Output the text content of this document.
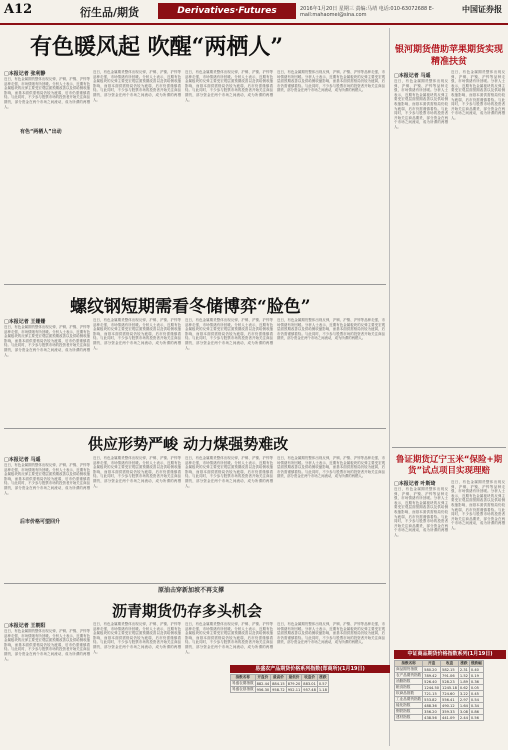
A12	衍生品/期货	Derivatives·Futures	2016年1月20日 星期三 责编:马靖 电话:010-63072688 E-mail:mahaomei@sina.com
中国证券报
有色暖风起 吹醒“两栖人”
□本报记者 张利静
近日，有色金属期货整体出现反弹，沪铜、沪镍、沪锌等品种走强，市场情绪有所回暖。分析人士表示，近期有色金属板块的反弹主要受宏观层面预期改善以及供给侧收缩影响，而基本面供需格局仍较为疲弱，后市仍需谨慎看待。与此同时，不少参与股票市场的投资者开始关注商品期货，部分资金在两个市场之间流动，成为所谓的两栖人。
有色“两栖人”出动
近日，有色金属期货整体出现反弹，沪铜、沪镍、沪锌等品种走强，市场情绪有所回暖。分析人士表示，近期有色金属板块的反弹主要受宏观层面预期改善以及供给侧收缩影响，而基本面供需格局仍较为疲弱，后市仍需谨慎看待。与此同时，不少参与股票市场的投资者开始关注商品期货，部分资金在两个市场之间流动，成为所谓的两栖人。
近日，有色金属期货整体出现反弹，沪铜、沪镍、沪锌等品种走强，市场情绪有所回暖。分析人士表示，近期有色金属板块的反弹主要受宏观层面预期改善以及供给侧收缩影响，而基本面供需格局仍较为疲弱，后市仍需谨慎看待。与此同时，不少参与股票市场的投资者开始关注商品期货，部分资金在两个市场之间流动，成为所谓的两栖人。
近日，有色金属期货整体出现反弹，沪铜、沪镍、沪锌等品种走强，市场情绪有所回暖。分析人士表示，近期有色金属板块的反弹主要受宏观层面预期改善以及供给侧收缩影响，而基本面供需格局仍较为疲弱，后市仍需谨慎看待。与此同时，不少参与股票市场的投资者开始关注商品期货，部分资金在两个市场之间流动，成为所谓的两栖人。
银河期货借助苹果期货实现精准扶贫
□本报记者 马遥
近日，有色金属期货整体出现反弹，沪铜、沪镍、沪锌等品种走强，市场情绪有所回暖。分析人士表示，近期有色金属板块的反弹主要受宏观层面预期改善以及供给侧收缩影响，而基本面供需格局仍较为疲弱，后市仍需谨慎看待。与此同时，不少参与股票市场的投资者开始关注商品期货，部分资金在两个市场之间流动，成为所谓的两栖人。
近日，有色金属期货整体出现反弹，沪铜、沪镍、沪锌等品种走强，市场情绪有所回暖。分析人士表示，近期有色金属板块的反弹主要受宏观层面预期改善以及供给侧收缩影响，而基本面供需格局仍较为疲弱，后市仍需谨慎看待。与此同时，不少参与股票市场的投资者开始关注商品期货，部分资金在两个市场之间流动，成为所谓的两栖人。
螺纹钢短期需看冬储博弈“脸色”
□本报记者 王姗姗
近日，有色金属期货整体出现反弹，沪铜、沪镍、沪锌等品种走强，市场情绪有所回暖。分析人士表示，近期有色金属板块的反弹主要受宏观层面预期改善以及供给侧收缩影响，而基本面供需格局仍较为疲弱，后市仍需谨慎看待。与此同时，不少参与股票市场的投资者开始关注商品期货，部分资金在两个市场之间流动，成为所谓的两栖人。
近日，有色金属期货整体出现反弹，沪铜、沪镍、沪锌等品种走强，市场情绪有所回暖。分析人士表示，近期有色金属板块的反弹主要受宏观层面预期改善以及供给侧收缩影响，而基本面供需格局仍较为疲弱，后市仍需谨慎看待。与此同时，不少参与股票市场的投资者开始关注商品期货，部分资金在两个市场之间流动，成为所谓的两栖人。
近日，有色金属期货整体出现反弹，沪铜、沪镍、沪锌等品种走强，市场情绪有所回暖。分析人士表示，近期有色金属板块的反弹主要受宏观层面预期改善以及供给侧收缩影响，而基本面供需格局仍较为疲弱，后市仍需谨慎看待。与此同时，不少参与股票市场的投资者开始关注商品期货，部分资金在两个市场之间流动，成为所谓的两栖人。
近日，有色金属期货整体出现反弹，沪铜、沪镍、沪锌等品种走强，市场情绪有所回暖。分析人士表示，近期有色金属板块的反弹主要受宏观层面预期改善以及供给侧收缩影响，而基本面供需格局仍较为疲弱，后市仍需谨慎看待。与此同时，不少参与股票市场的投资者开始关注商品期货，部分资金在两个市场之间流动，成为所谓的两栖人。
供应形势严峻 动力煤强势难改
□本报记者 马遥
近日，有色金属期货整体出现反弹，沪铜、沪镍、沪锌等品种走强，市场情绪有所回暖。分析人士表示，近期有色金属板块的反弹主要受宏观层面预期改善以及供给侧收缩影响，而基本面供需格局仍较为疲弱，后市仍需谨慎看待。与此同时，不少参与股票市场的投资者开始关注商品期货，部分资金在两个市场之间流动，成为所谓的两栖人。
后市价格可望回升
近日，有色金属期货整体出现反弹，沪铜、沪镍、沪锌等品种走强，市场情绪有所回暖。分析人士表示，近期有色金属板块的反弹主要受宏观层面预期改善以及供给侧收缩影响，而基本面供需格局仍较为疲弱，后市仍需谨慎看待。与此同时，不少参与股票市场的投资者开始关注商品期货，部分资金在两个市场之间流动，成为所谓的两栖人。
近日，有色金属期货整体出现反弹，沪铜、沪镍、沪锌等品种走强，市场情绪有所回暖。分析人士表示，近期有色金属板块的反弹主要受宏观层面预期改善以及供给侧收缩影响，而基本面供需格局仍较为疲弱，后市仍需谨慎看待。与此同时，不少参与股票市场的投资者开始关注商品期货，部分资金在两个市场之间流动，成为所谓的两栖人。
近日，有色金属期货整体出现反弹，沪铜、沪镍、沪锌等品种走强，市场情绪有所回暖。分析人士表示，近期有色金属板块的反弹主要受宏观层面预期改善以及供给侧收缩影响，而基本面供需格局仍较为疲弱，后市仍需谨慎看待。与此同时，不少参与股票市场的投资者开始关注商品期货，部分资金在两个市场之间流动，成为所谓的两栖人。
鲁证期货辽宁玉米“保险+期货”试点项目实现理赔
□本报记者 叶斯琦
近日，有色金属期货整体出现反弹，沪铜、沪镍、沪锌等品种走强，市场情绪有所回暖。分析人士表示，近期有色金属板块的反弹主要受宏观层面预期改善以及供给侧收缩影响，而基本面供需格局仍较为疲弱，后市仍需谨慎看待。与此同时，不少参与股票市场的投资者开始关注商品期货，部分资金在两个市场之间流动，成为所谓的两栖人。
近日，有色金属期货整体出现反弹，沪铜、沪镍、沪锌等品种走强，市场情绪有所回暖。分析人士表示，近期有色金属板块的反弹主要受宏观层面预期改善以及供给侧收缩影响，而基本面供需格局仍较为疲弱，后市仍需谨慎看待。与此同时，不少参与股票市场的投资者开始关注商品期货，部分资金在两个市场之间流动，成为所谓的两栖人。
原油击穿新加坡不再支撑
沥青期货仍存多头机会
□本报记者 王朝阳
近日，有色金属期货整体出现反弹，沪铜、沪镍、沪锌等品种走强，市场情绪有所回暖。分析人士表示，近期有色金属板块的反弹主要受宏观层面预期改善以及供给侧收缩影响，而基本面供需格局仍较为疲弱，后市仍需谨慎看待。与此同时，不少参与股票市场的投资者开始关注商品期货，部分资金在两个市场之间流动，成为所谓的两栖人。
近日，有色金属期货整体出现反弹，沪铜、沪镍、沪锌等品种走强，市场情绪有所回暖。分析人士表示，近期有色金属板块的反弹主要受宏观层面预期改善以及供给侧收缩影响，而基本面供需格局仍较为疲弱，后市仍需谨慎看待。与此同时，不少参与股票市场的投资者开始关注商品期货，部分资金在两个市场之间流动，成为所谓的两栖人。
近日，有色金属期货整体出现反弹，沪铜、沪镍、沪锌等品种走强，市场情绪有所回暖。分析人士表示，近期有色金属板块的反弹主要受宏观层面预期改善以及供给侧收缩影响，而基本面供需格局仍较为疲弱，后市仍需谨慎看待。与此同时，不少参与股票市场的投资者开始关注商品期货，部分资金在两个市场之间流动，成为所谓的两栖人。
近日，有色金属期货整体出现反弹，沪铜、沪镍、沪锌等品种走强，市场情绪有所回暖。分析人士表示，近期有色金属板块的反弹主要受宏观层面预期改善以及供给侧收缩影响，而基本面供需格局仍较为疲弱，后市仍需谨慎看待。与此同时，不少参与股票市场的投资者开始关注商品期货，部分资金在两个市场之间流动，成为所谓的两栖人。
易盛农产品期货价格系列指数(郑商所)(1月19日)
指数名称	开盘价	最高价	最低价	收盘价	涨跌
易盛农期指数	882.44	884.15	879.20	883.01	0.57
易盛农基指数	956.30	958.72	952.11	957.48	1.18
中证商品期货价格指数系列(1月19日)
指数名称	开盘	收盘	涨跌	涨跌幅
商品期货指数	580.20	582.15	2.31	0.40
农产品期货指数	789.42	791.06	1.52	0.19
油脂指数	526.40	528.23	1.89	0.36
粮食指数	1244.50	1245.18	0.62	0.05
软商品指数	721.15	724.60	3.22	0.45
工业品期货指数	553.82	556.41	2.97	0.54
能化指数	488.36	490.12	1.64	0.34
钢铁指数	356.20	359.33	3.08	0.86
建材指数	438.56	441.09	2.44	0.56
